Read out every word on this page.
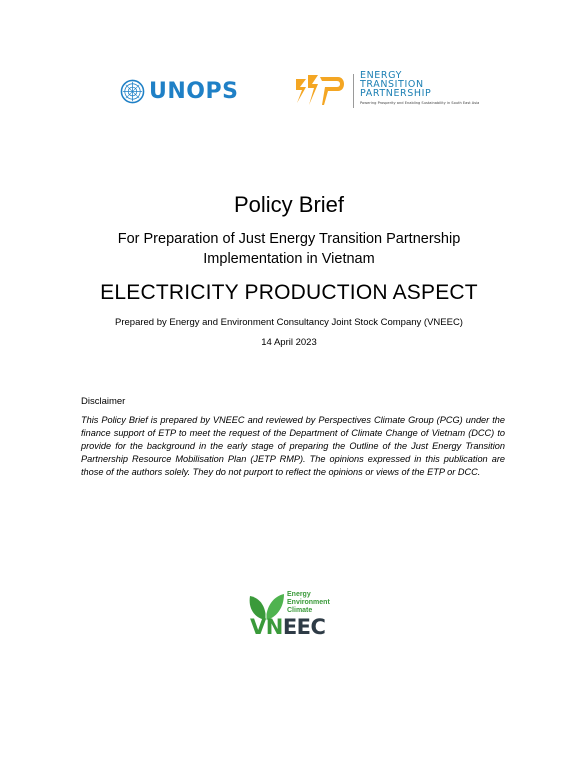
UNOPS
ENERGY
TRANSITION
PARTNERSHIP
Powering Prosperity and Enabling Sustainability in South East Asia
Policy Brief
For Preparation of Just Energy Transition Partnership
Implementation in Vietnam
ELECTRICITY PRODUCTION ASPECT
Prepared by Energy and Environment Consultancy Joint Stock Company (VNEEC)
14 April 2023
Disclaimer
This Policy Brief is prepared by VNEEC and reviewed by Perspectives Climate Group (PCG) under the finance support of ETP to meet the request of the Department of Climate Change of Vietnam (DCC) to provide for the background in the early stage of preparing the Outline of the Just Energy Transition Partnership Resource Mobilisation Plan (JETP RMP). The opinions expressed in this publication are those of the authors solely. They do not purport to reflect the opinions or views of the ETP or DCC.
Energy
Environment
Climate
VNEEC
